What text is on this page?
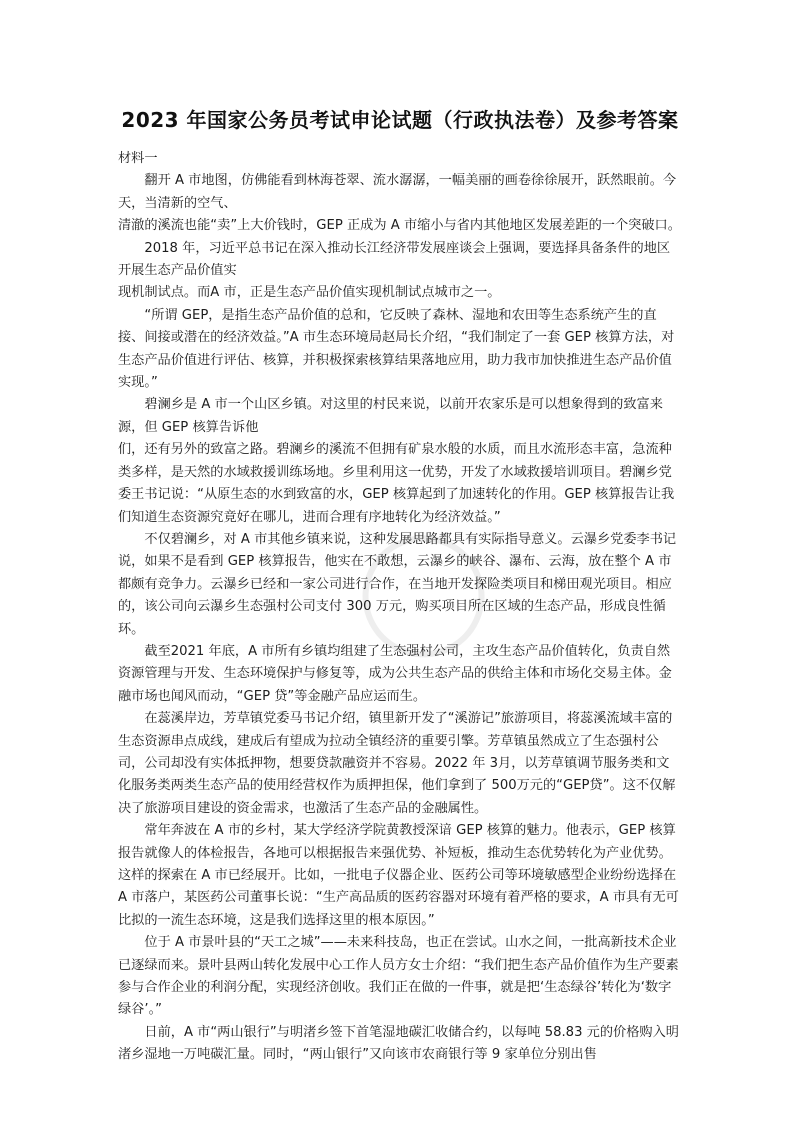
2023 年国家公务员考试申论试题（行政执法卷）及参考答案

材料一

翻开 A 市地图，仿佛能看到林海苍翠、流水潺潺，一幅美丽的画卷徐徐展开，跃然眼前。今天，当清新的空气、

清澈的溪流也能“卖”上大价钱时，GEP 正成为 A 市缩小与省内其他地区发展差距的一个突破口。

2018 年，习近平总书记在深入推动长江经济带发展座谈会上强调，要选择具备条件的地区开展生态产品价值实

现机制试点。而A 市，正是生态产品价值实现机制试点城市之一。

“所谓 GEP，是指生态产品价值的总和，它反映了森林、湿地和农田等生态系统产生的直接、间接或潜在的经济效益。”A 市生态环境局赵局长介绍，“我们制定了一套 GEP 核算方法，对生态产品价值进行评估、核算，并积极探索核算结果落地应用，助力我市加快推进生态产品价值实现。”

碧澜乡是 A 市一个山区乡镇。对这里的村民来说，以前开农家乐是可以想象得到的致富来源，但 GEP 核算告诉他

们，还有另外的致富之路。碧澜乡的溪流不但拥有矿泉水般的水质，而且水流形态丰富，急流种类多样，是天然的水域救援训练场地。乡里利用这一优势，开发了水域救援培训项目。碧澜乡党委王书记说：“从原生态的水到致富的水，GEP 核算起到了加速转化的作用。GEP 核算报告让我们知道生态资源究竟好在哪儿，进而合理有序地转化为经济效益。”

不仅碧澜乡，对 A 市其他乡镇来说，这种发展思路都具有实际指导意义。云瀑乡党委李书记说，如果不是看到 GEP 核算报告，他实在不敢想，云瀑乡的峡谷、瀑布、云海，放在整个 A 市都颇有竞争力。云瀑乡已经和一家公司进行合作，在当地开发探险类项目和梯田观光项目。相应的，该公司向云瀑乡生态强村公司支付 300 万元，购买项目所在区域的生态产品，形成良性循环。

截至2021 年底，A 市所有乡镇均组建了生态强村公司，主攻生态产品价值转化，负责自然资源管理与开发、生态环境保护与修复等，成为公共生态产品的供给主体和市场化交易主体。金融市场也闻风而动，“GEP 贷”等金融产品应运而生。

在蕊溪岸边，芳草镇党委马书记介绍，镇里新开发了“溪游记”旅游项目，将蕊溪流域丰富的生态资源串点成线，建成后有望成为拉动全镇经济的重要引擎。芳草镇虽然成立了生态强村公司，公司却没有实体抵押物，想要贷款融资并不容易。2022 年 3月，以芳草镇调节服务类和文化服务类两类生态产品的使用经营权作为质押担保，他们拿到了 500万元的“GEP贷”。这不仅解决了旅游项目建设的资金需求，也激活了生态产品的金融属性。

常年奔波在 A 市的乡村，某大学经济学院黄教授深谙 GEP 核算的魅力。他表示，GEP 核算报告就像人的体检报告，各地可以根据报告来强优势、补短板，推动生态优势转化为产业优势。这样的探索在 A 市已经展开。比如，一批电子仪器企业、医药公司等环境敏感型企业纷纷选择在 A 市落户，某医药公司董事长说：“生产高品质的医药容器对环境有着严格的要求，A 市具有无可比拟的一流生态环境，这是我们选择这里的根本原因。”

位于 A 市景叶县的“天工之城”——未来科技岛，也正在尝试。山水之间，一批高新技术企业已逐绿而来。景叶县两山转化发展中心工作人员方女士介绍：“我们把生态产品价值作为生产要素参与合作企业的利润分配，实现经济创收。我们正在做的一件事，就是把‘生态绿谷’转化为‘数字绿谷’。”

日前，A 市“两山银行”与明渚乡签下首笔湿地碳汇收储合约，以每吨 58.83 元的价格购入明渚乡湿地一万吨碳汇量。同时，“两山银行”又向该市农商银行等 9 家单位分别出售
